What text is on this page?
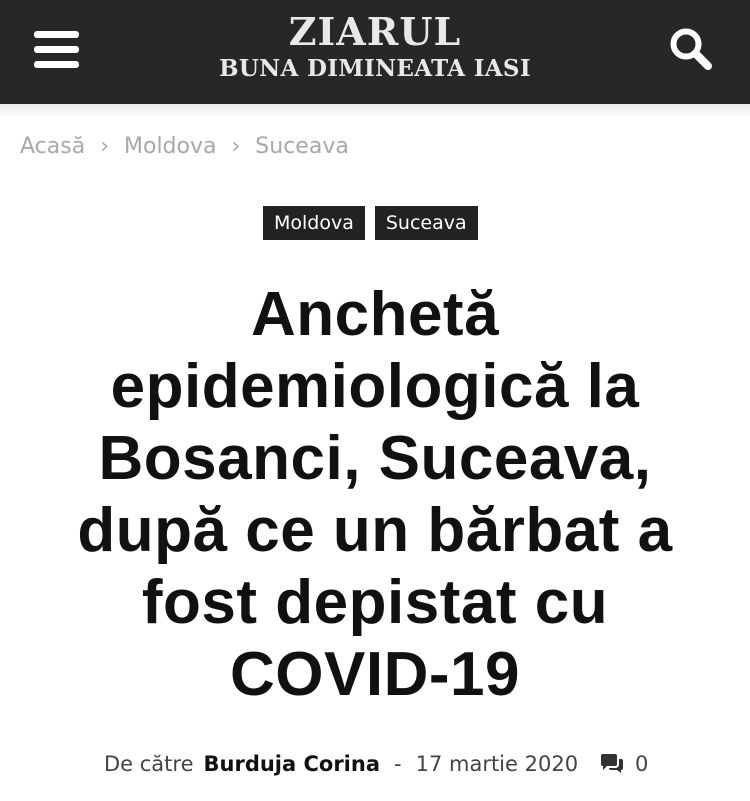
ZIARUL
BUNA DIMINEATA IASI
Acasă › Moldova › Suceava
Moldova	Suceava
Anchetă
epidemiologică la
Bosanci, Suceava,
după ce un bărbat a
fost depistat cu
COVID-19
De către Burduja Corina - 17 martie 2020	0
